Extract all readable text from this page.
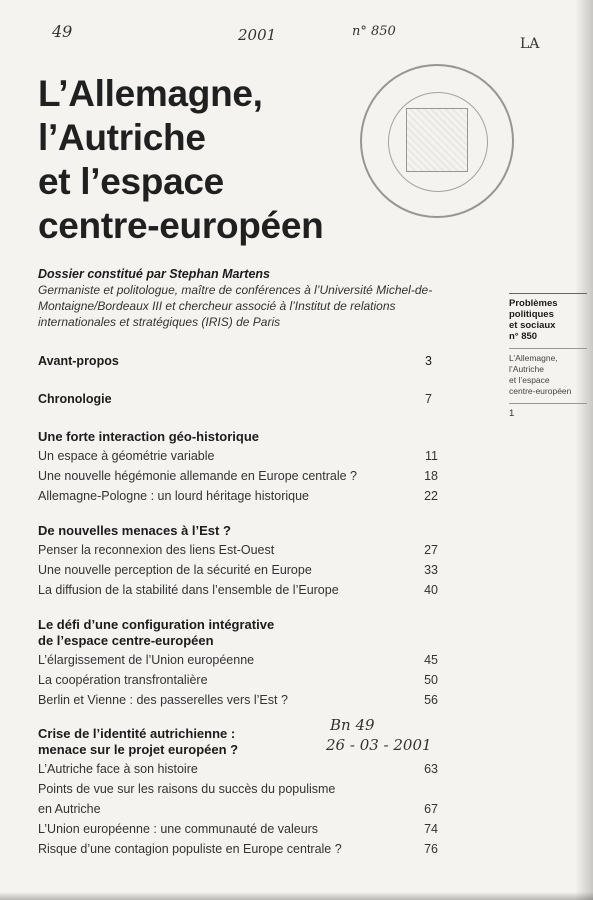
49	2001	n° 850
LA
L’Allemagne,
l’Autriche
et l’espace
centre-européen
Dossier constitué par Stephan Martens
Germaniste et politologue, maître de conférences à l’Université Michel-de-
Montaigne/Bordeaux III et chercheur associé à l’Institut de relations
internationales et stratégiques (IRIS) de Paris
Problèmes
politiques
et sociaux
n° 850
L’Allemagne,
l’Autriche
et l’espace
centre-européen
1
Avant-propos	3
Chronologie	7
Une forte interaction géo-historique
Un espace à géométrie variable	11
Une nouvelle hégémonie allemande en Europe centrale ?	18
Allemagne-Pologne : un lourd héritage historique	22
De nouvelles menaces à l’Est ?
Penser la reconnexion des liens Est-Ouest	27
Une nouvelle perception de la sécurité en Europe	33
La diffusion de la stabilité dans l’ensemble de l’Europe	40
Le défi d’une configuration intégrative
de l’espace centre-européen
L’élargissement de l’Union européenne	45
La coopération transfrontalière	50
Berlin et Vienne : des passerelles vers l’Est ?	56
Crise de l’identité autrichienne :
menace sur le projet européen ?
L’Autriche face à son histoire	63
Points de vue sur les raisons du succès du populisme
en Autriche	67
L’Union européenne : une communauté de valeurs	74
Risque d’une contagion populiste en Europe centrale ?	76
Bn 49
26 - 03 - 2001
